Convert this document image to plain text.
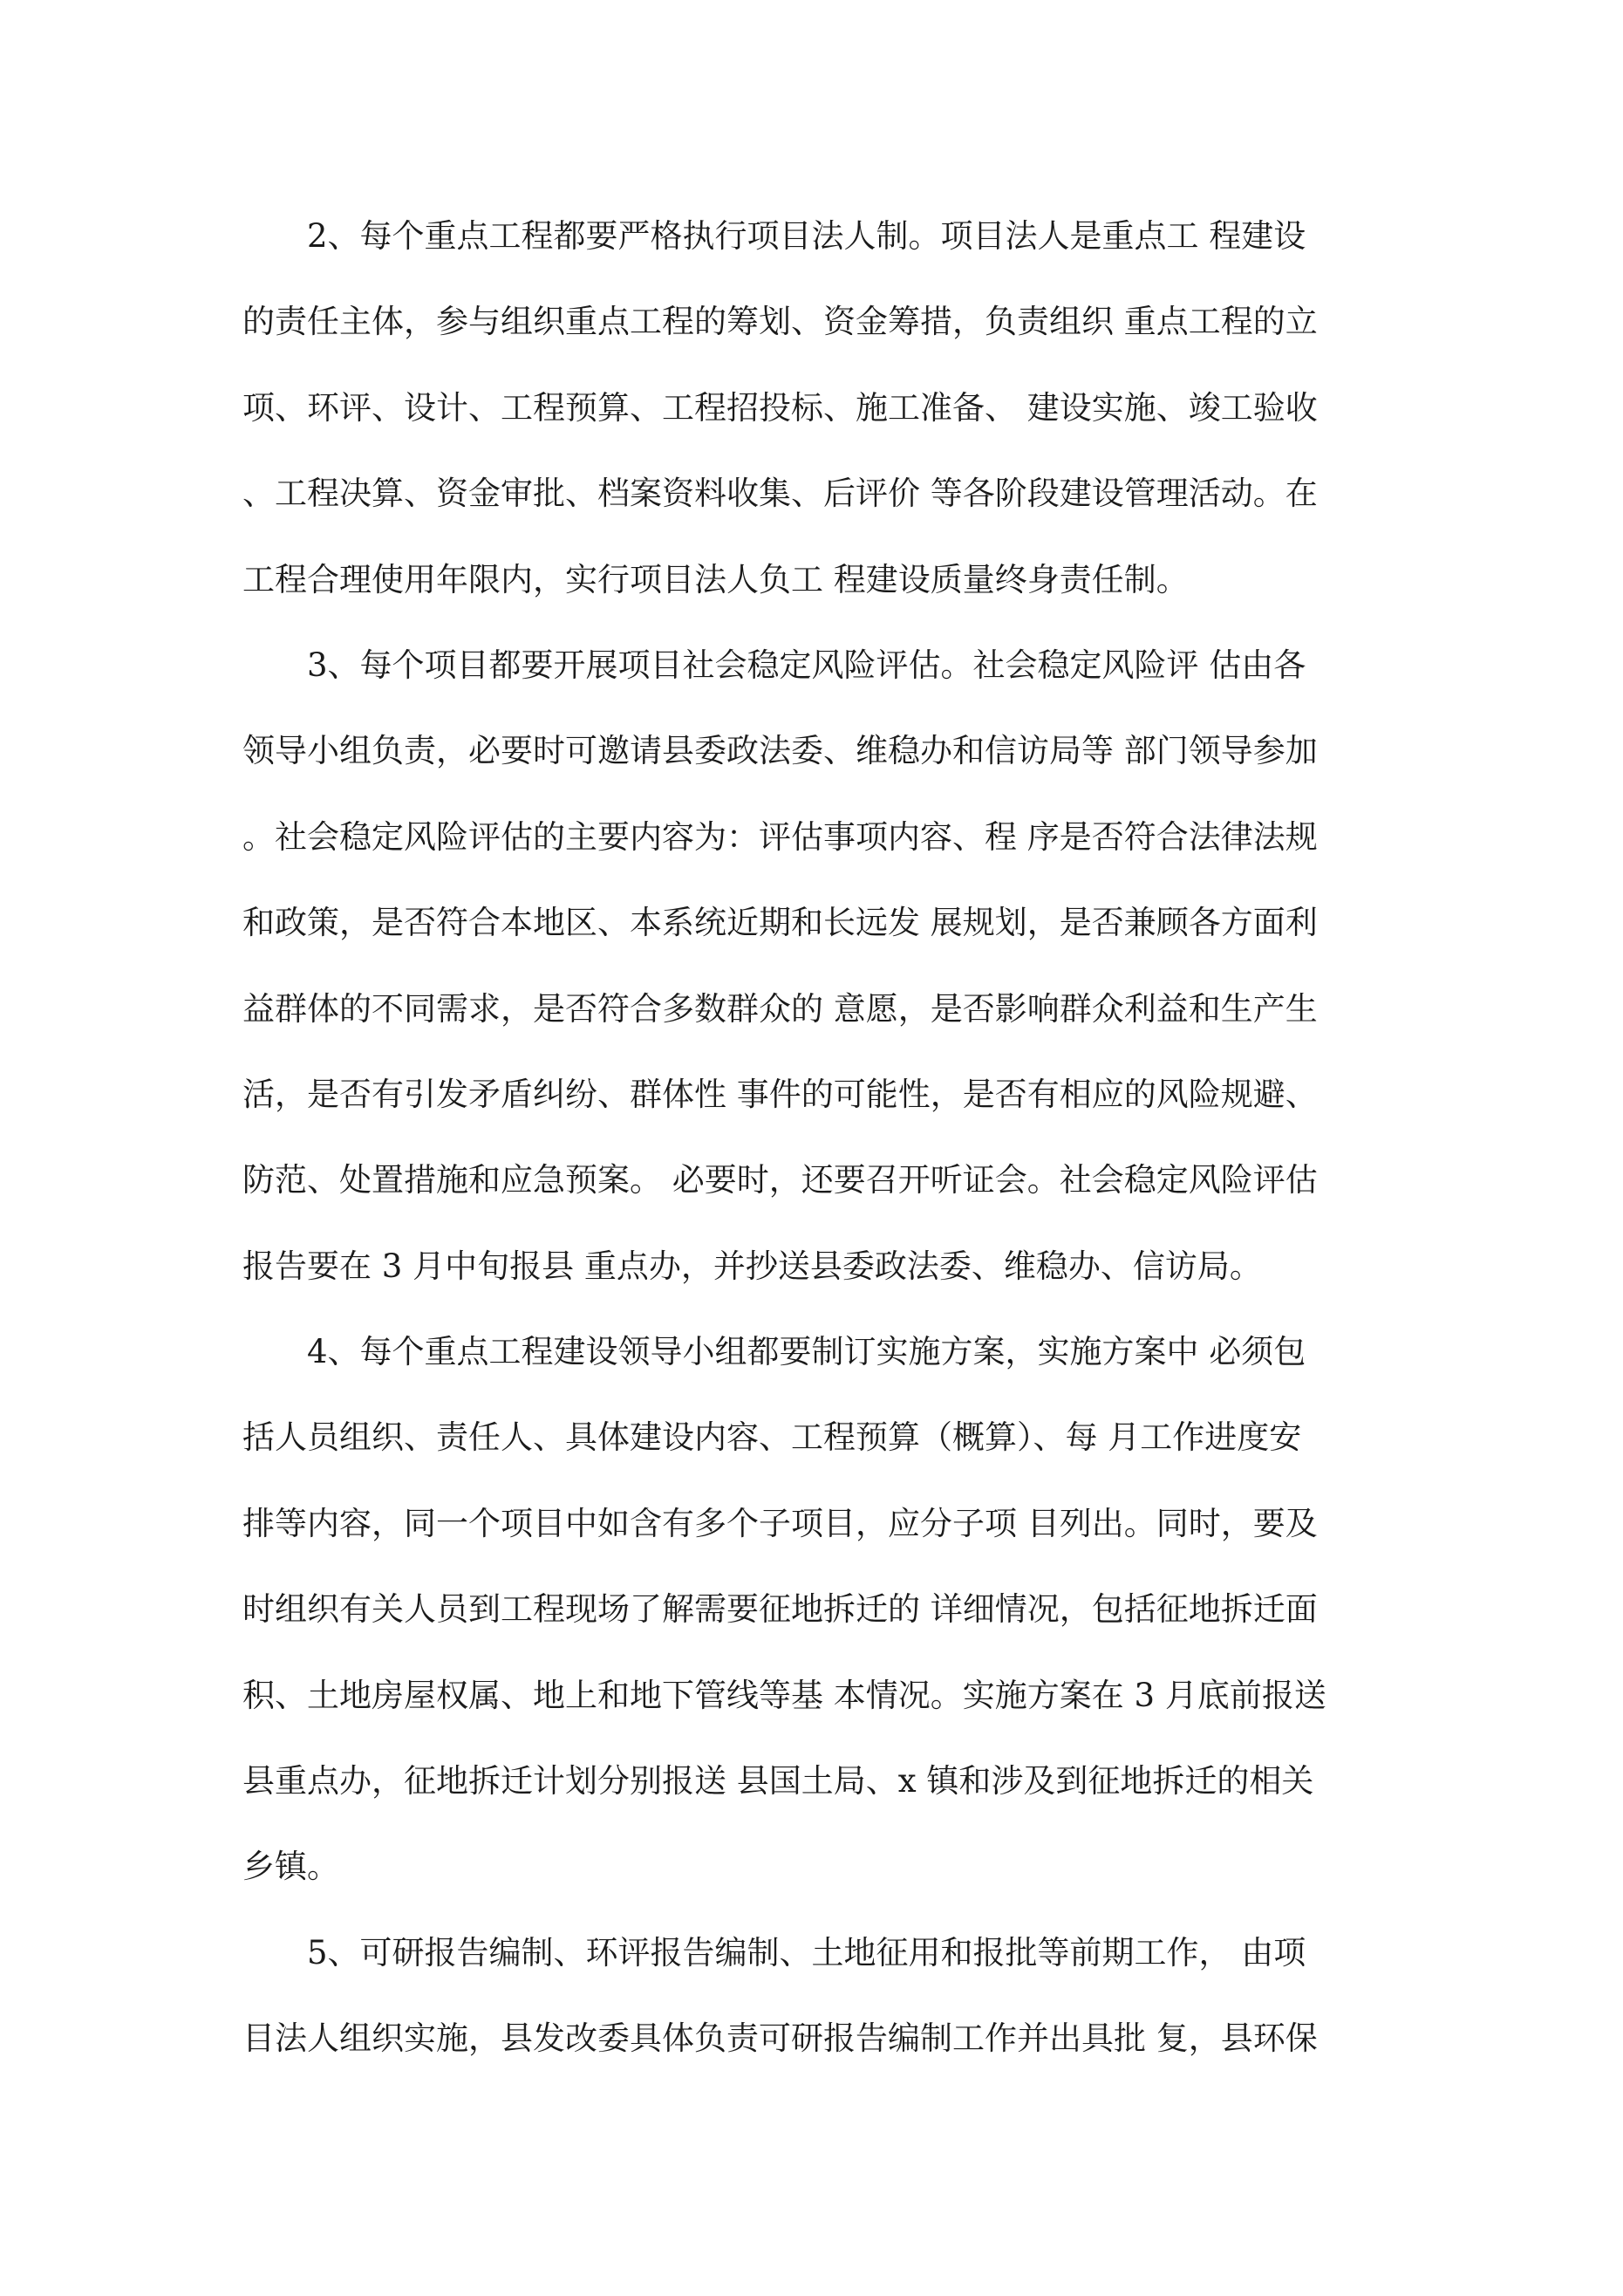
　　2、每个重点工程都要严格执行项目法人制。项目法人是重点工 程建设
的责任主体，参与组织重点工程的筹划、资金筹措，负责组织 重点工程的立
项、环评、设计、工程预算、工程招投标、施工准备、 建设实施、竣工验收
、工程决算、资金审批、档案资料收集、后评价 等各阶段建设管理活动。在
工程合理使用年限内，实行项目法人负工 程建设质量终身责任制。
　　3、每个项目都要开展项目社会稳定风险评估。社会稳定风险评 估由各
领导小组负责，必要时可邀请县委政法委、维稳办和信访局等 部门领导参加
。社会稳定风险评估的主要内容为：评估事项内容、程 序是否符合法律法规
和政策，是否符合本地区、本系统近期和长远发 展规划，是否兼顾各方面利
益群体的不同需求，是否符合多数群众的 意愿，是否影响群众利益和生产生
活，是否有引发矛盾纠纷、群体性 事件的可能性，是否有相应的风险规避、
防范、处置措施和应急预案。 必要时，还要召开听证会。社会稳定风险评估
报告要在 3 月中旬报县 重点办，并抄送县委政法委、维稳办、信访局。
　　4、每个重点工程建设领导小组都要制订实施方案，实施方案中 必须包
括人员组织、责任人、具体建设内容、工程预算（概算）、每 月工作进度安
排等内容，同一个项目中如含有多个子项目，应分子项 目列出。同时，要及
时组织有关人员到工程现场了解需要征地拆迁的 详细情况，包括征地拆迁面
积、土地房屋权属、地上和地下管线等基 本情况。实施方案在 3 月底前报送
县重点办，征地拆迁计划分别报送 县国土局、x 镇和涉及到征地拆迁的相关
乡镇。
　　5、可研报告编制、环评报告编制、土地征用和报批等前期工作， 由项
目法人组织实施，县发改委具体负责可研报告编制工作并出具批 复，县环保
